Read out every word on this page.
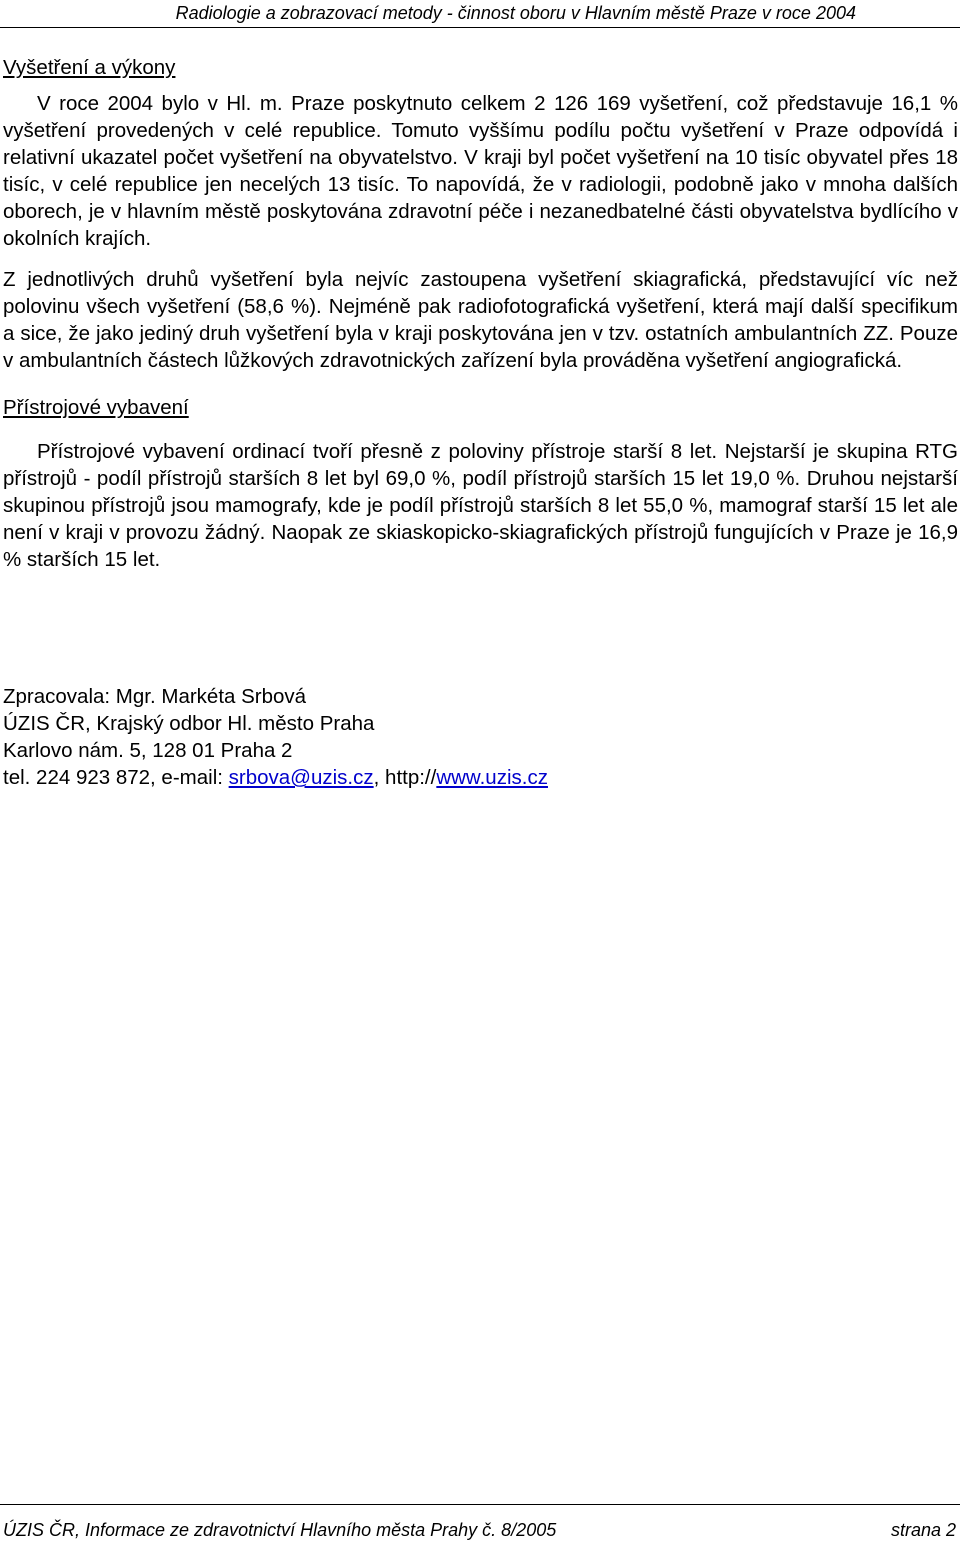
Radiologie a zobrazovací metody - činnost oboru v Hlavním městě Praze v roce 2004

Vyšetření a výkony

V roce 2004 bylo v Hl. m. Praze poskytnuto celkem 2 126 169 vyšetření, což představuje 16,1 % vyšetření provedených v celé republice. Tomuto vyššímu podílu počtu vyšetření v Praze odpovídá i relativní ukazatel počet vyšetření na obyvatelstvo. V kraji byl počet vyšetření na 10 tisíc obyvatel přes 18 tisíc, v celé republice jen necelých 13 tisíc. To napovídá, že v radiologii, podobně jako v mnoha dalších oborech, je v hlavním městě poskytována zdravotní péče i nezanedbatelné části obyvatelstva bydlícího v okolních krajích.

Z jednotlivých druhů vyšetření byla nejvíc zastoupena vyšetření skiagrafická, představující víc než polovinu všech vyšetření (58,6 %). Nejméně pak radiofotografická vyšetření, která mají další specifikum a sice, že jako jediný druh vyšetření byla v kraji poskytována jen v tzv. ostatních ambulantních ZZ. Pouze v ambulantních částech lůžkových zdravotnických zařízení byla prováděna vyšetření angiografická.

Přístrojové vybavení

Přístrojové vybavení ordinací tvoří přesně z poloviny přístroje starší 8 let. Nejstarší je skupina RTG přístrojů - podíl přístrojů starších 8 let byl 69,0 %, podíl přístrojů starších 15 let 19,0 %. Druhou nejstarší skupinou přístrojů jsou mamografy, kde je podíl přístrojů starších 8 let 55,0 %, mamograf starší 15 let ale není v kraji v provozu žádný. Naopak ze skiaskopicko-skiagrafických přístrojů fungujících v Praze je 16,9 % starších 15 let.

Zpracovala: Mgr. Markéta Srbová

ÚZIS ČR, Krajský odbor Hl. město Praha

Karlovo nám. 5, 128 01 Praha 2

tel. 224 923 872, e-mail: srbova@uzis.cz, http://www.uzis.cz

ÚZIS ČR, Informace ze zdravotnictví Hlavního města Prahy č. 8/2005	strana 2
